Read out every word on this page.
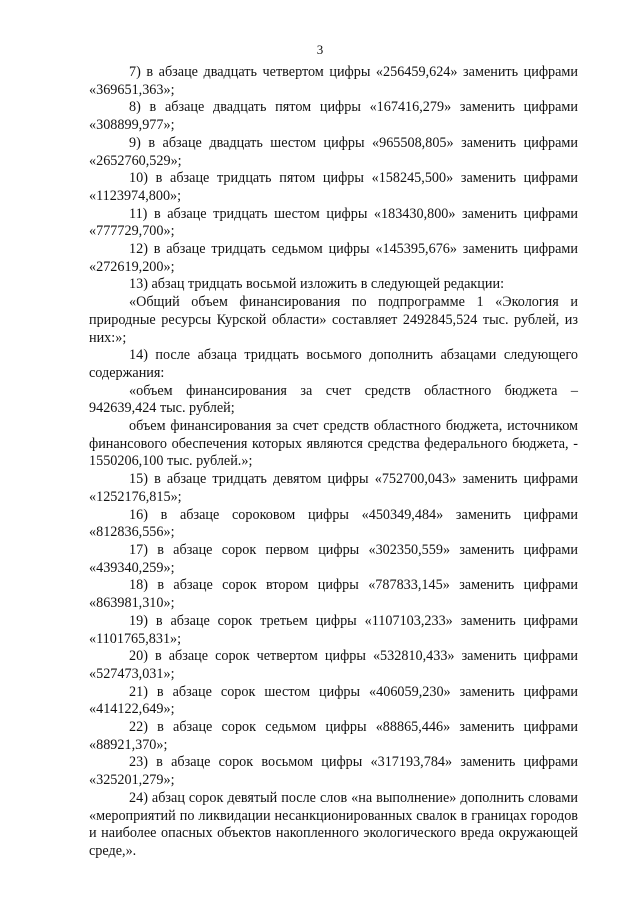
3

7) в абзаце двадцать четвертом цифры «256459,624» заменить цифрами «369651,363»;

8) в абзаце двадцать пятом цифры «167416,279» заменить цифрами «308899,977»;

9) в абзаце двадцать шестом цифры «965508,805» заменить цифрами «2652760,529»;

10) в абзаце тридцать пятом цифры «158245,500» заменить цифрами «1123974,800»;

11) в абзаце тридцать шестом цифры «183430,800» заменить цифрами «777729,700»;

12) в абзаце тридцать седьмом цифры «145395,676» заменить цифрами «272619,200»;

13) абзац тридцать восьмой изложить в следующей редакции:

«Общий объем финансирования по подпрограмме 1 «Экология и природные ресурсы Курской области» составляет 2492845,524 тыс. рублей, из них:»;

14) после абзаца тридцать восьмого дополнить абзацами следующего содержания:

«объем финансирования за счет средств областного бюджета – 942639,424 тыс. рублей;

объем финансирования за счет средств областного бюджета, источником финансового обеспечения которых являются средства федерального бюджета, - 1550206,100 тыс. рублей.»;

15) в абзаце тридцать девятом цифры «752700,043» заменить цифрами «1252176,815»;

16) в абзаце сороковом цифры «450349,484» заменить цифрами «812836,556»;

17) в абзаце сорок первом цифры «302350,559» заменить цифрами «439340,259»;

18) в абзаце сорок втором цифры «787833,145» заменить цифрами «863981,310»;

19) в абзаце сорок третьем цифры «1107103,233» заменить цифрами «1101765,831»;

20) в абзаце сорок четвертом цифры «532810,433» заменить цифрами «527473,031»;

21) в абзаце сорок шестом цифры «406059,230» заменить цифрами «414122,649»;

22) в абзаце сорок седьмом цифры «88865,446» заменить цифрами «88921,370»;

23) в абзаце сорок восьмом цифры «317193,784» заменить цифрами «325201,279»;

24) абзац сорок девятый после слов «на выполнение» дополнить словами «мероприятий по ликвидации несанкционированных свалок в границах городов и наиболее опасных объектов накопленного экологического вреда окружающей среде,».
